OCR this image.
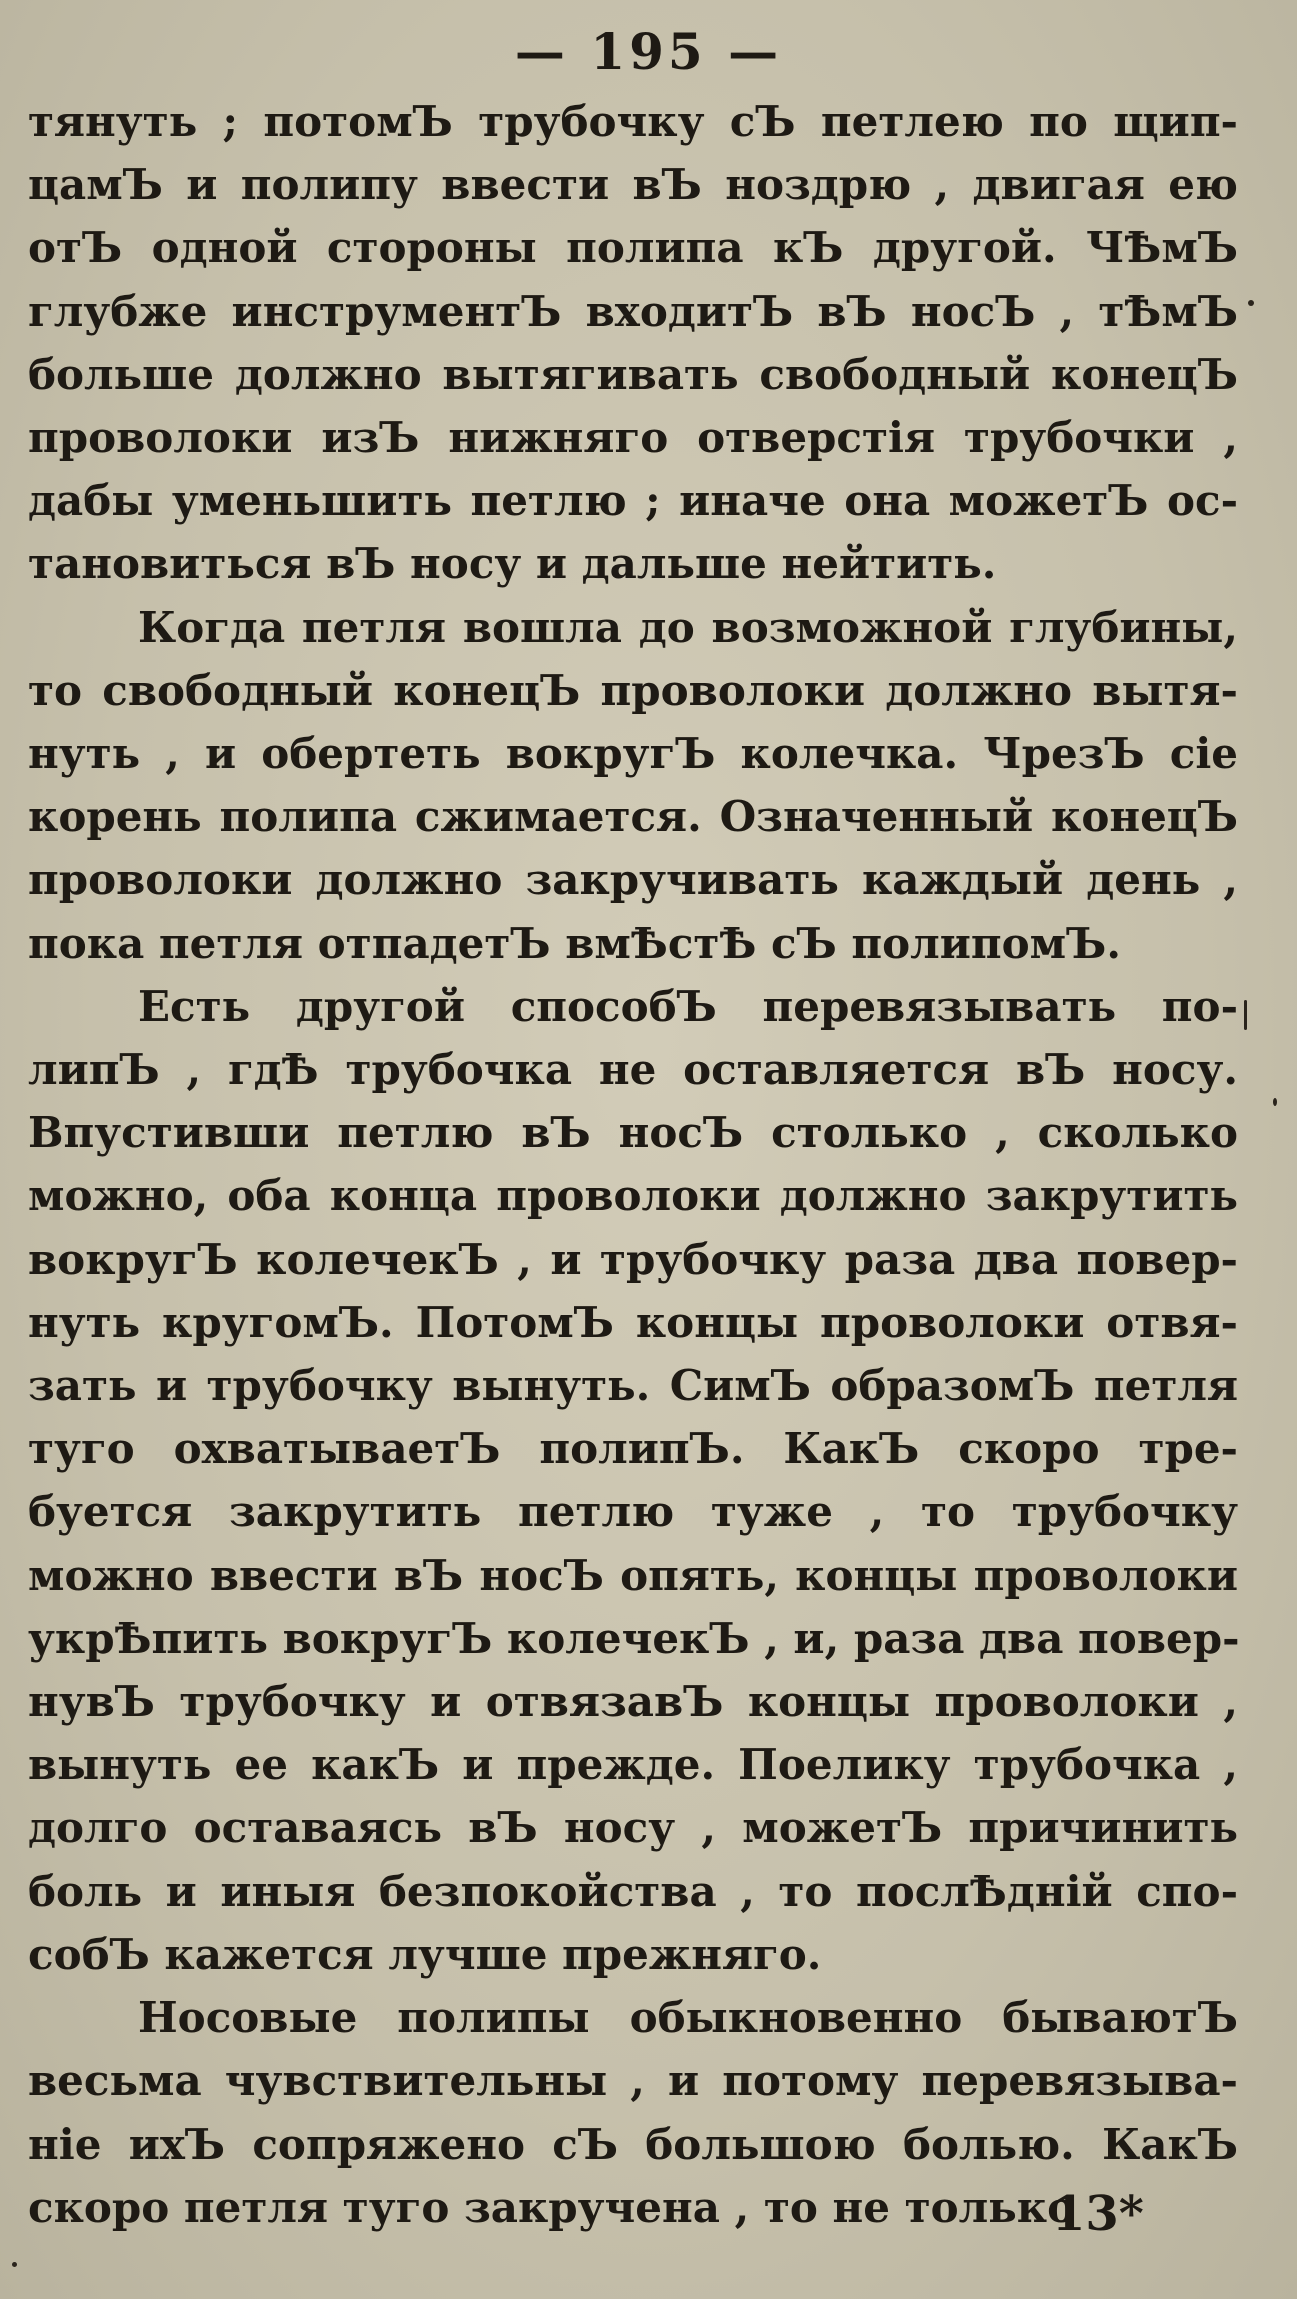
— 195 —
тянуть ; потомЪ трубочку сЪ петлею по щип-
цамЪ и полипу ввести вЪ ноздрю , двигая ею
отЪ одной стороны полипа кЪ другой. ЧѢмЪ
глубже инструментЪ входитЪ вЪ носЪ , тѢмЪ
больше должно вытягивать свободный конецЪ
проволоки изЪ нижняго отверстія трубочки ,
дабы уменьшить петлю ; иначе она можетЪ ос-
тановиться вЪ носу и дальше нейтить.
Когда петля вошла до возможной глубины,
то свободный конецЪ проволоки должно вытя-
нуть , и обертеть вокругЪ колечка. ЧрезЪ сіе
корень полипа сжимается. Означенный конецЪ
проволоки должно закручивать каждый день ,
пока петля отпадетЪ вмѢстѢ сЪ полипомЪ.
Есть другой способЪ перевязывать по-
липЪ , гдѢ трубочка не оставляется вЪ носу.
Впустивши петлю вЪ носЪ столько , сколько
можно, оба конца проволоки должно закрутить
вокругЪ колечекЪ , и трубочку раза два повер-
нуть кругомЪ. ПотомЪ концы проволоки отвя-
зать и трубочку вынуть. СимЪ образомЪ петля
туго охватываетЪ полипЪ. КакЪ скоро тре-
буется закрутить петлю туже , то трубочку
можно ввести вЪ носЪ опять, концы проволоки
укрѢпить вокругЪ колечекЪ , и, раза два повер-
нувЪ трубочку и отвязавЪ концы проволоки ,
вынуть ее какЪ и прежде. Поелику трубочка ,
долго оставаясь вЪ носу , можетЪ причинить
боль и иныя безпокойства , то послѢдній спо-
собЪ кажется лучше прежняго.
Носовые полипы обыкновенно бываютЪ
весьма чувствительны , и потому перевязыва-
ніе ихЪ сопряжено сЪ большою болью. КакЪ
скоро петля туго закручена , то не только
13*
